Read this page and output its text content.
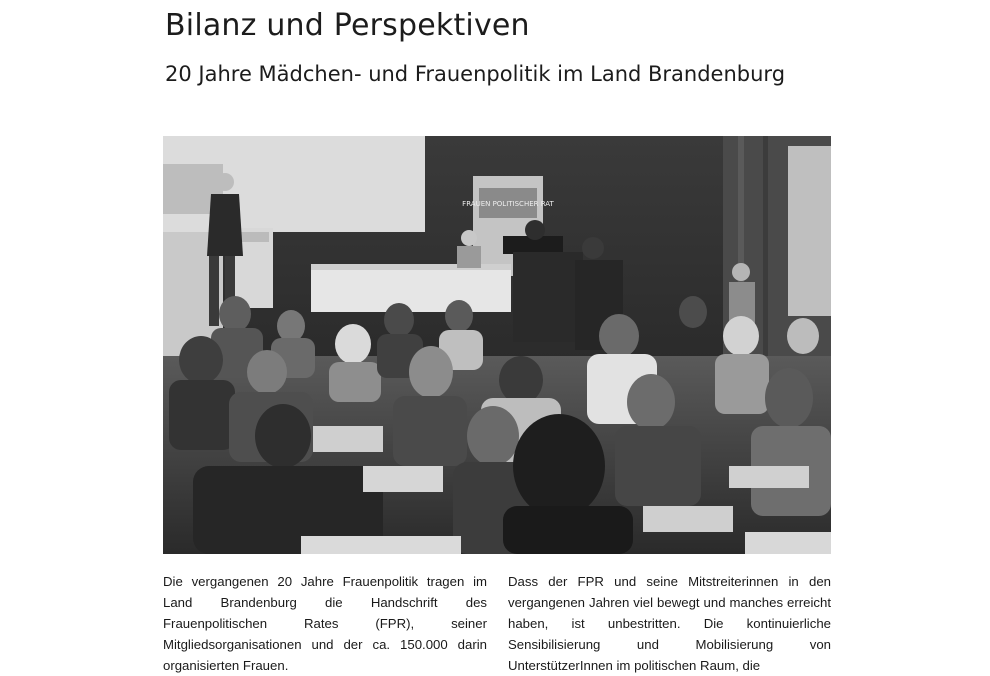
Bilanz und Perspektiven
20 Jahre Mädchen- und Frauenpolitik im Land Brandenburg
FRAUEN POLITISCHER RAT

Die vergangenen 20 Jahre Frauenpolitik tragen im Land Brandenburg die Handschrift des Frauenpolitischen Rates (FPR), seiner Mitgliedsorganisationen und der ca. 150.000 darin organisierten Frauen.

Dass der FPR und seine Mitstreiterinnen in den vergangenen Jahren viel bewegt und manches erreicht haben, ist unbestritten. Die kontinuierliche Sensibilisierung und Mobilisierung von UnterstützerInnen im politischen Raum, die
